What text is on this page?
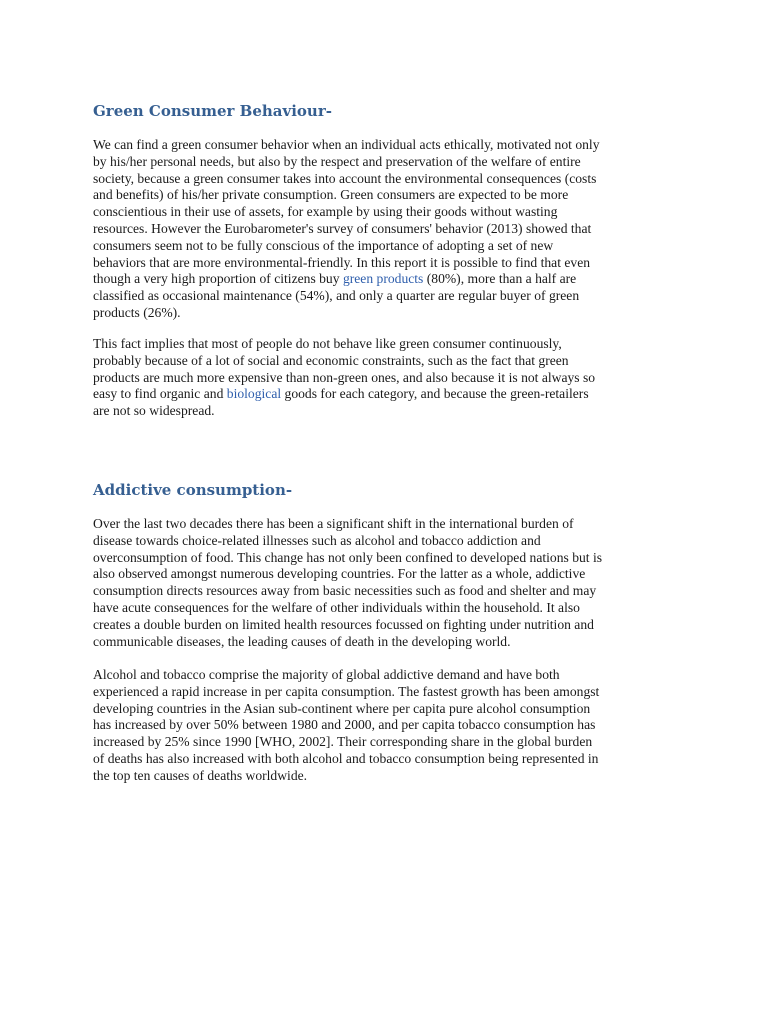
Green Consumer Behaviour-
We can find a green consumer behavior when an individual acts ethically, motivated not only
by his/her personal needs, but also by the respect and preservation of the welfare of entire
society, because a green consumer takes into account the environmental consequences (costs
and benefits) of his/her private consumption. Green consumers are expected to be more
conscientious in their use of assets, for example by using their goods without wasting
resources. However the Eurobarometer's survey of consumers' behavior (2013) showed that
consumers seem not to be fully conscious of the importance of adopting a set of new
behaviors that are more environmental-friendly. In this report it is possible to find that even
though a very high proportion of citizens buy green products (80%), more than a half are
classified as occasional maintenance (54%), and only a quarter are regular buyer of green
products (26%).
This fact implies that most of people do not behave like green consumer continuously,
probably because of a lot of social and economic constraints, such as the fact that green
products are much more expensive than non-green ones, and also because it is not always so
easy to find organic and biological goods for each category, and because the green-retailers
are not so widespread.
Addictive consumption-
Over the last two decades there has been a significant shift in the international burden of
disease towards choice-related illnesses such as alcohol and tobacco addiction and
overconsumption of food. This change has not only been confined to developed nations but is
also observed amongst numerous developing countries. For the latter as a whole, addictive
consumption directs resources away from basic necessities such as food and shelter and may
have acute consequences for the welfare of other individuals within the household. It also
creates a double burden on limited health resources focussed on fighting under nutrition and
communicable diseases, the leading causes of death in the developing world.
Alcohol and tobacco comprise the majority of global addictive demand and have both
experienced a rapid increase in per capita consumption. The fastest growth has been amongst
developing countries in the Asian sub-continent where per capita pure alcohol consumption
has increased by over 50% between 1980 and 2000, and per capita tobacco consumption has
increased by 25% since 1990 [WHO, 2002]. Their corresponding share in the global burden
of deaths has also increased with both alcohol and tobacco consumption being represented in
the top ten causes of deaths worldwide.
